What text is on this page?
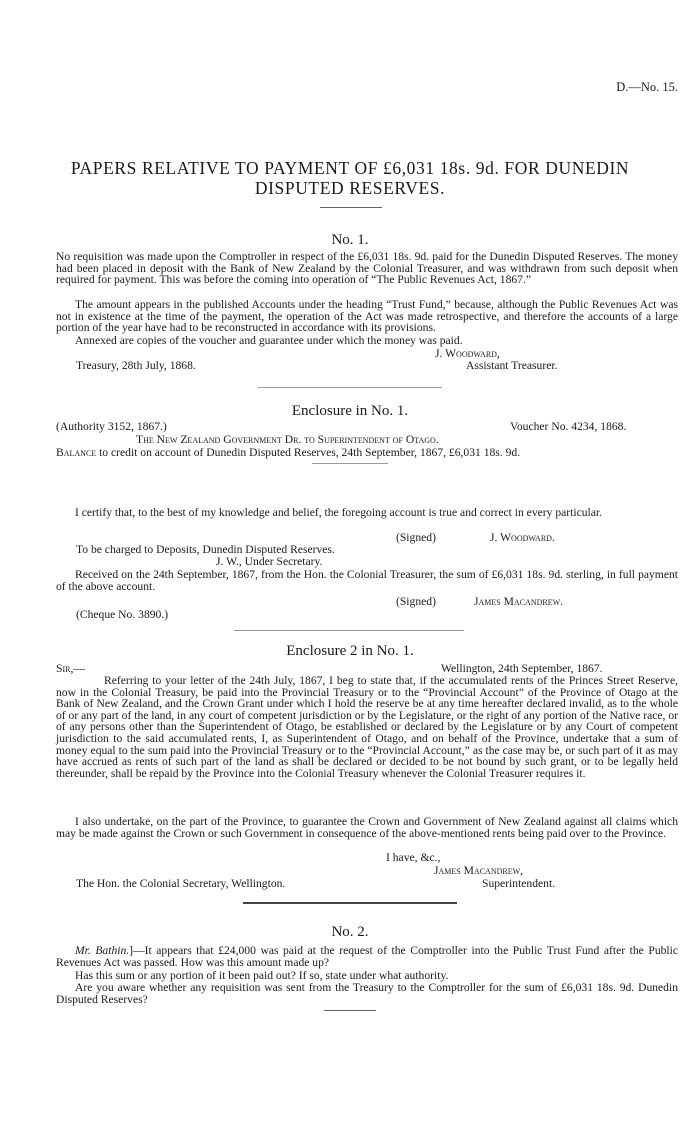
D.—No. 15.
PAPERS RELATIVE TO PAYMENT OF £6,031 18s. 9d. FOR DUNEDIN
DISPUTED RESERVES.
No. 1.
No requisition was made upon the Comptroller in respect of the £6,031 18s. 9d. paid for the Dunedin Disputed Reserves. The money had been placed in deposit with the Bank of New Zealand by the Colonial Treasurer, and was withdrawn from such deposit when required for payment. This was before the coming into operation of “The Public Revenues Act, 1867.”
The amount appears in the published Accounts under the heading “Trust Fund,” because, although the Public Revenues Act was not in existence at the time of the payment, the operation of the Act was made retrospective, and therefore the accounts of a large portion of the year have had to be reconstructed in accordance with its provisions.
Annexed are copies of the voucher and guarantee under which the money was paid.
J. Woodward,
Treasury, 28th July, 1868.	Assistant Treasurer.
Enclosure in No. 1.
(Authority 3152, 1867.)	Voucher No. 4234, 1868.
The New Zealand Government Dr. to Superintendent of Otago.
Balance to credit on account of Dunedin Disputed Reserves, 24th September, 1867, £6,031 18s. 9d.
I certify that, to the best of my knowledge and belief, the foregoing account is true and correct in every particular.
(Signed)	J. Woodward.
To be charged to Deposits, Dunedin Disputed Reserves.
J. W., Under Secretary.
Received on the 24th September, 1867, from the Hon. the Colonial Treasurer, the sum of £6,031 18s. 9d. sterling, in full payment of the above account.
(Signed)	James Macandrew.
(Cheque No. 3890.)
Enclosure 2 in No. 1.
Sir,—	Wellington, 24th September, 1867.
Referring to your letter of the 24th July, 1867, I beg to state that, if the accumulated rents of the Princes Street Reserve, now in the Colonial Treasury, be paid into the Provincial Treasury or to the “Provincial Account” of the Province of Otago at the Bank of New Zealand, and the Crown Grant under which I hold the reserve be at any time hereafter declared invalid, as to the whole of or any part of the land, in any court of competent jurisdiction or by the Legislature, or the right of any portion of the Native race, or of any persons other than the Superintendent of Otago, be established or declared by the Legislature or by any Court of competent jurisdiction to the said accumulated rents, I, as Superintendent of Otago, and on behalf of the Province, undertake that a sum of money equal to the sum paid into the Provincial Treasury or to the “Provincial Account,” as the case may be, or such part of it as may have accrued as rents of such part of the land as shall be declared or decided to be not bound by such grant, or to be legally held thereunder, shall be repaid by the Province into the Colonial Treasury whenever the Colonial Treasurer requires it.
I also undertake, on the part of the Province, to guarantee the Crown and Government of New Zealand against all claims which may be made against the Crown or such Government in consequence of the above-mentioned rents being paid over to the Province.
I have, &c.,
James Macandrew,
The Hon. the Colonial Secretary, Wellington.	Superintendent.
No. 2.
Mr. Bathin.]—It appears that £24,000 was paid at the request of the Comptroller into the Public Trust Fund after the Public Revenues Act was passed. How was this amount made up?
Has this sum or any portion of it been paid out? If so, state under what authority.
Are you aware whether any requisition was sent from the Treasury to the Comptroller for the sum of £6,031 18s. 9d. Dunedin Disputed Reserves?
